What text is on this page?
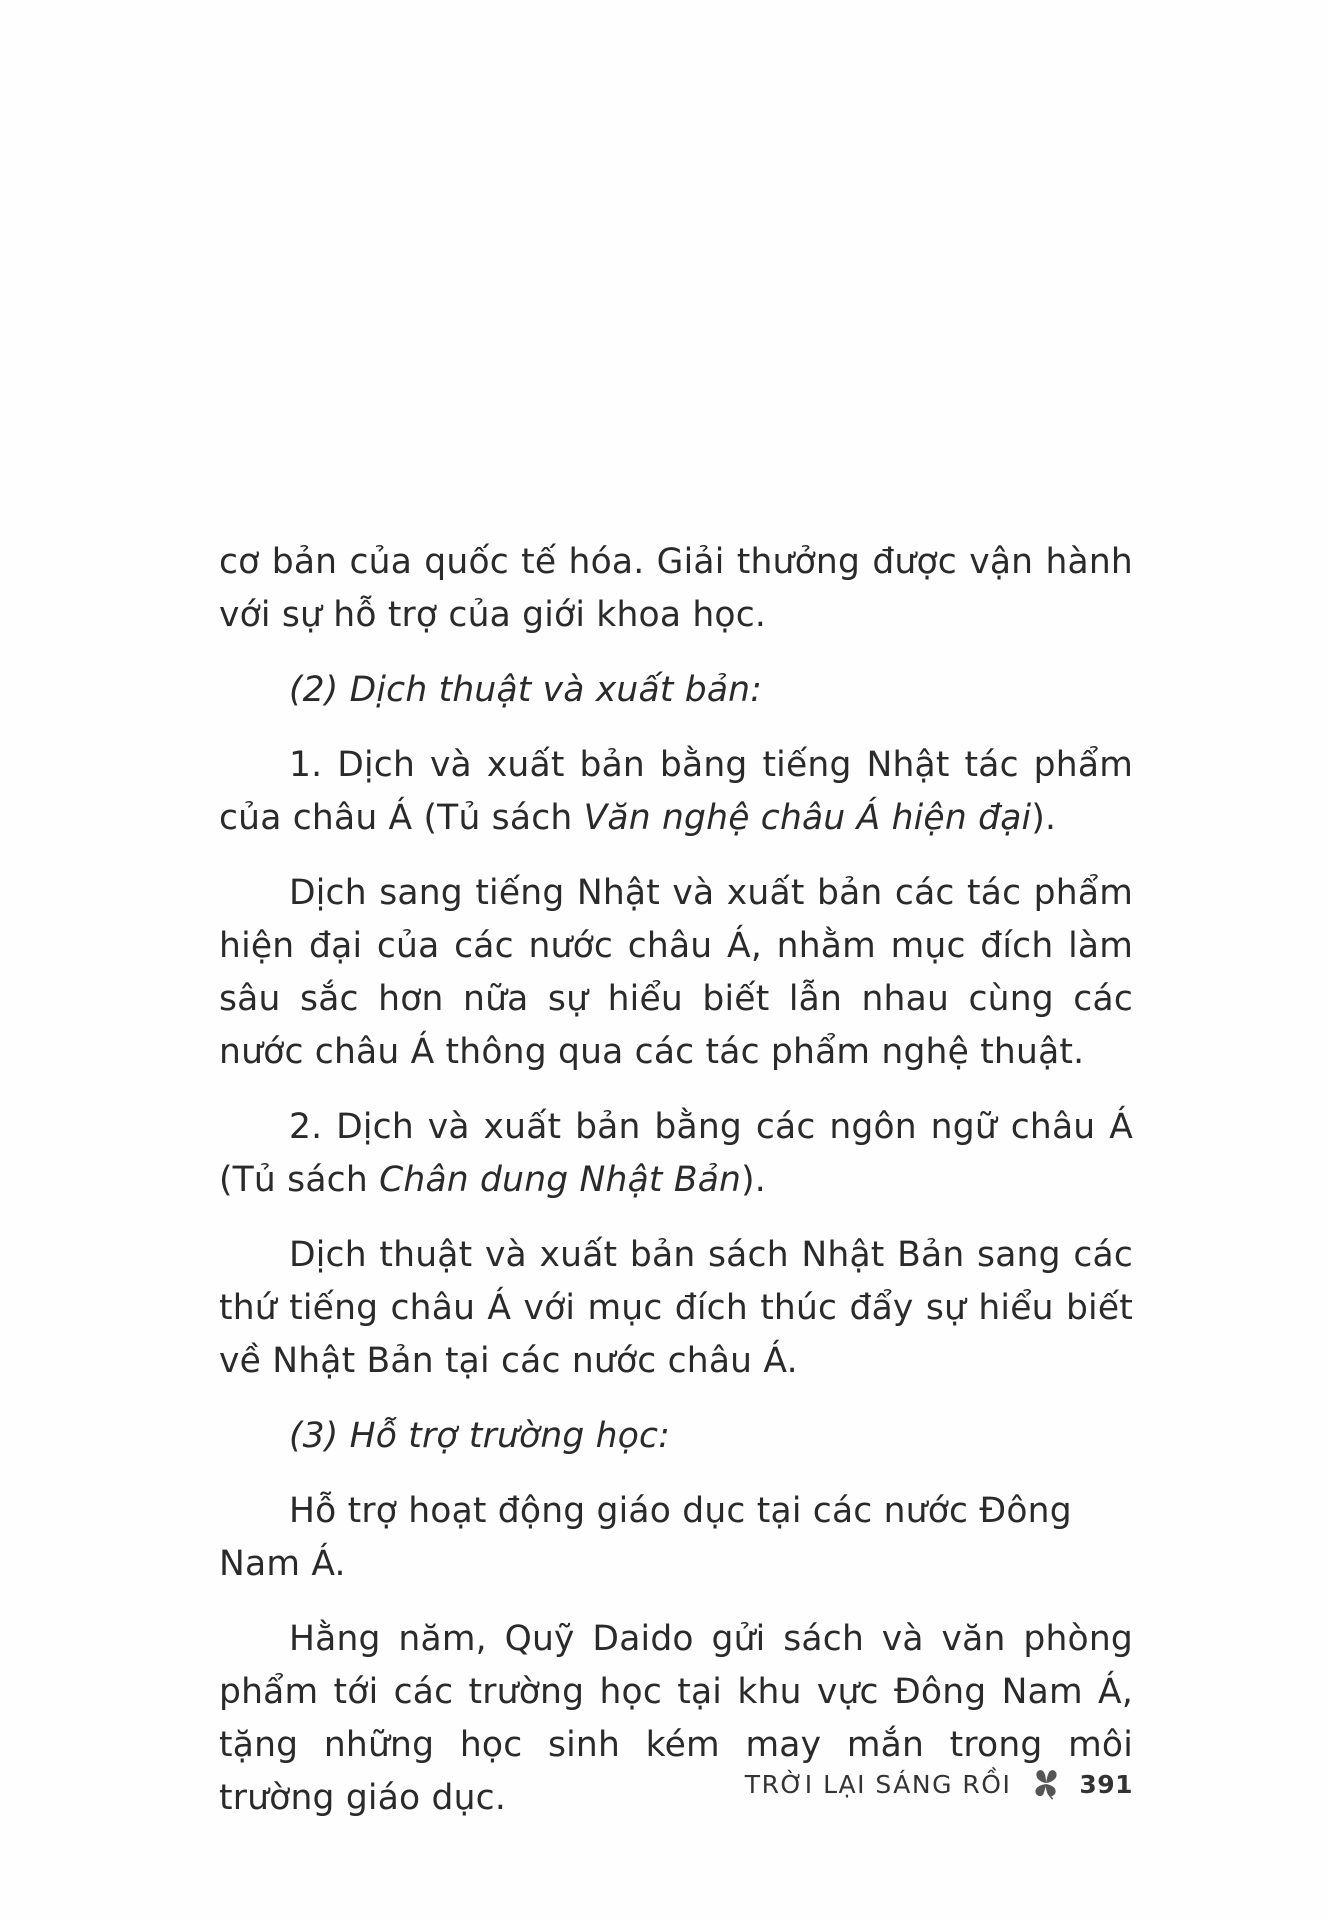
cơ bản của quốc tế hóa. Giải thưởng được vận hành với sự hỗ trợ của giới khoa học.

(2) Dịch thuật và xuất bản:

1. Dịch và xuất bản bằng tiếng Nhật tác phẩm của châu Á (Tủ sách Văn nghệ châu Á hiện đại).

Dịch sang tiếng Nhật và xuất bản các tác phẩm hiện đại của các nước châu Á, nhằm mục đích làm sâu sắc hơn nữa sự hiểu biết lẫn nhau cùng các nước châu Á thông qua các tác phẩm nghệ thuật.

2. Dịch và xuất bản bằng các ngôn ngữ châu Á (Tủ sách Chân dung Nhật Bản).

Dịch thuật và xuất bản sách Nhật Bản sang các thứ tiếng châu Á với mục đích thúc đẩy sự hiểu biết về Nhật Bản tại các nước châu Á.

(3) Hỗ trợ trường học:

Hỗ trợ hoạt động giáo dục tại các nước Đông Nam Á.

Hằng năm, Quỹ Daido gửi sách và văn phòng phẩm tới các trường học tại khu vực Đông Nam Á, tặng những học sinh kém may mắn trong môi trường giáo dục.	TRỜI LẠI SÁNG RỒI	391
